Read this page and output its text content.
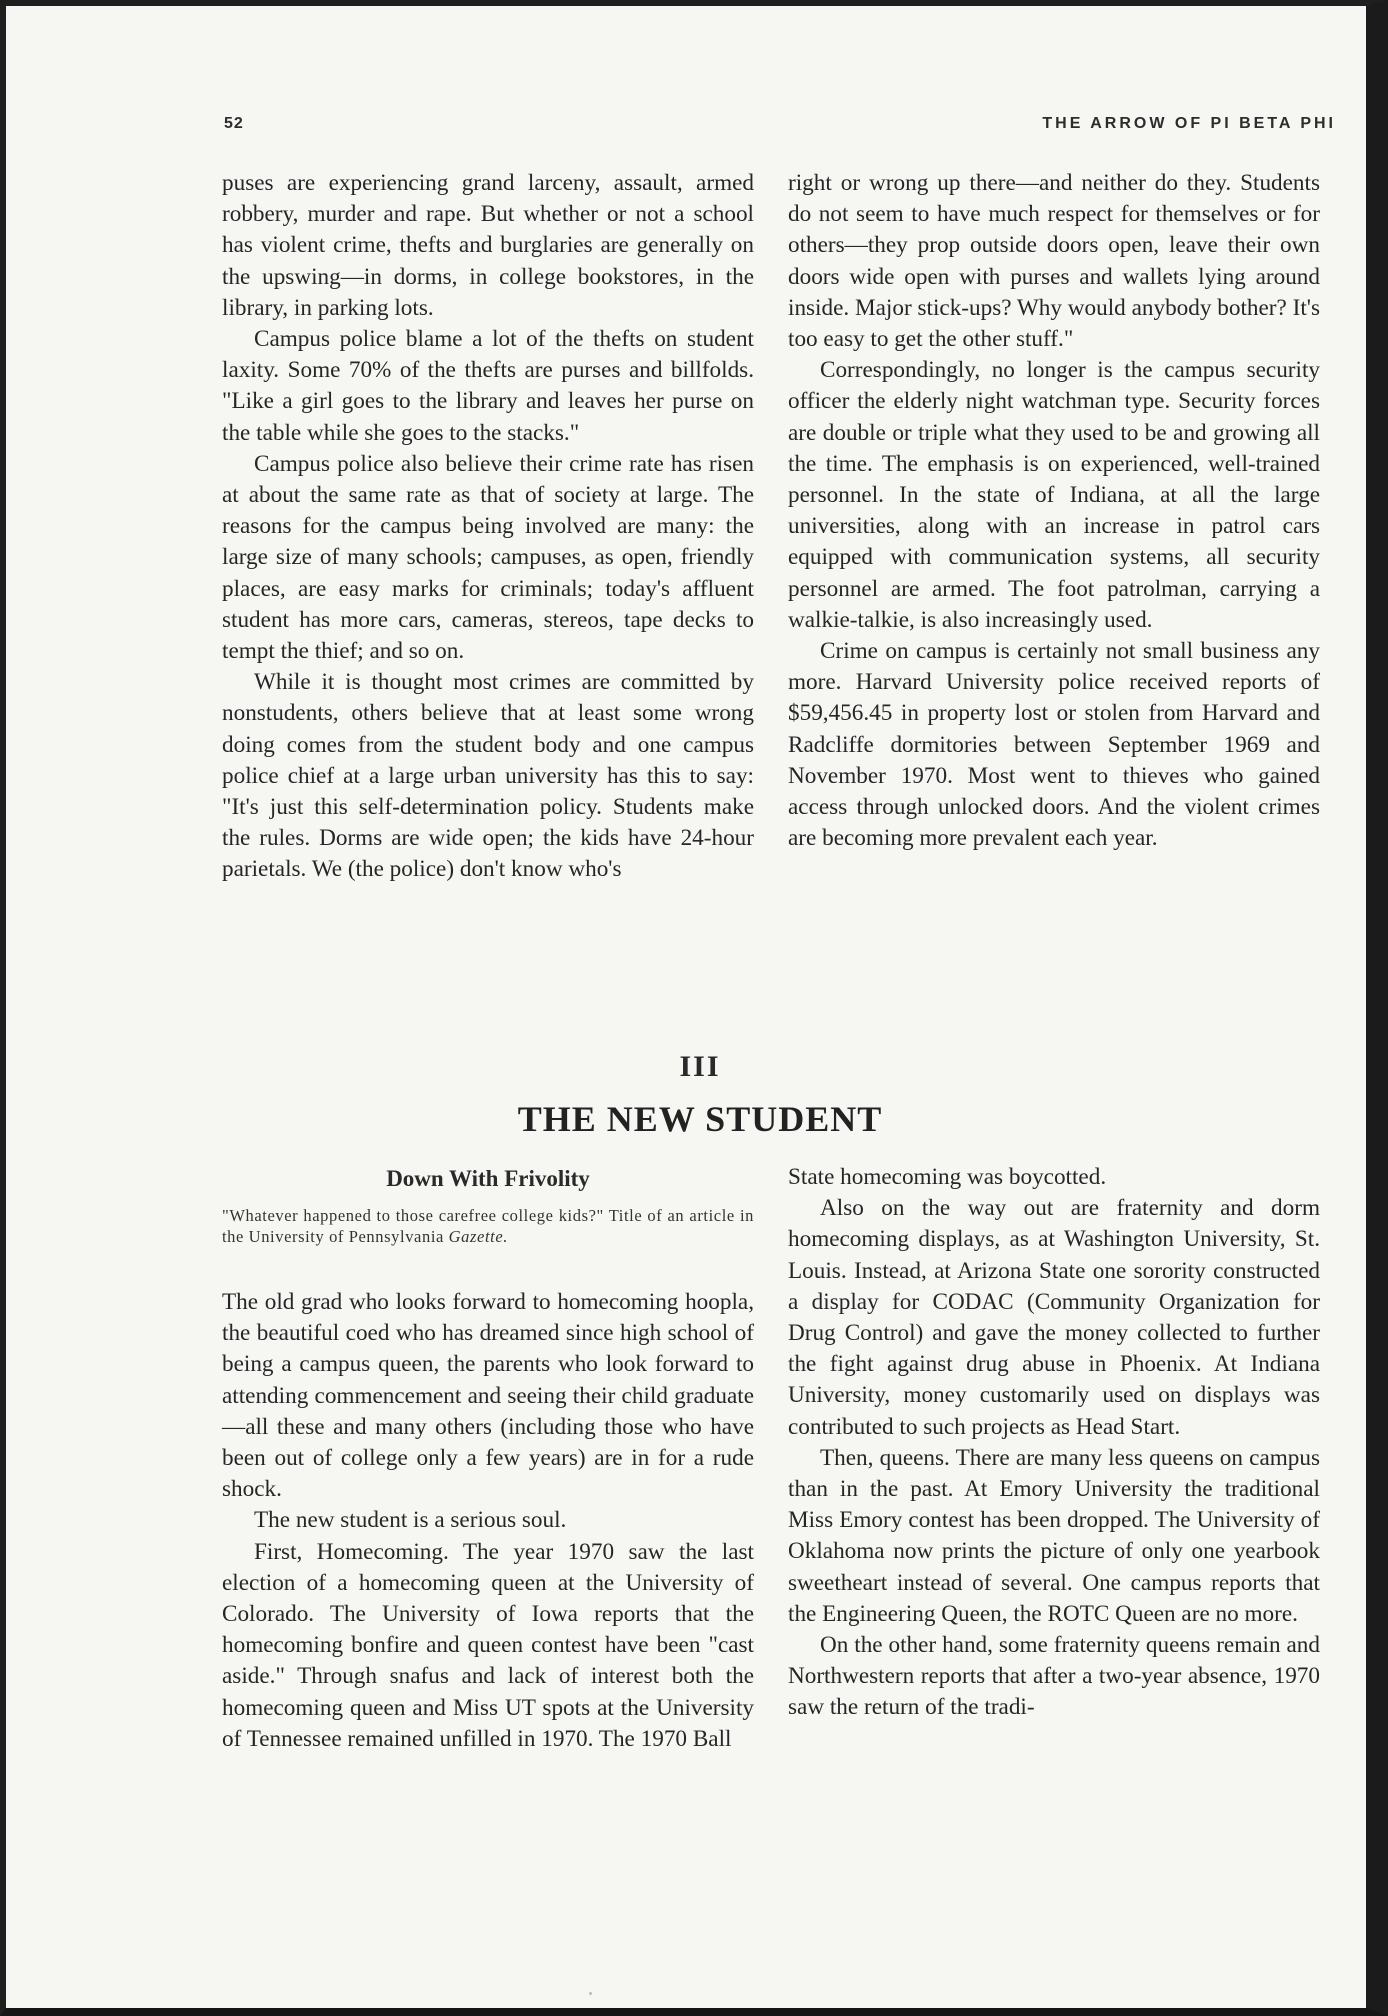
52	THE ARROW OF PI BETA PHI

puses are experiencing grand larceny, assault, armed robbery, murder and rape. But whether or not a school has violent crime, thefts and burglaries are generally on the upswing—in dorms, in college bookstores, in the library, in parking lots.

Campus police blame a lot of the thefts on student laxity. Some 70% of the thefts are purses and billfolds. "Like a girl goes to the library and leaves her purse on the table while she goes to the stacks."

Campus police also believe their crime rate has risen at about the same rate as that of society at large. The reasons for the campus being involved are many: the large size of many schools; campuses, as open, friendly places, are easy marks for criminals; today's affluent student has more cars, cameras, stereos, tape decks to tempt the thief; and so on.

While it is thought most crimes are committed by nonstudents, others believe that at least some wrong doing comes from the student body and one campus police chief at a large urban university has this to say: "It's just this self-determination policy. Students make the rules. Dorms are wide open; the kids have 24-hour parietals. We (the police) don't know who's

right or wrong up there—and neither do they. Students do not seem to have much respect for themselves or for others—they prop outside doors open, leave their own doors wide open with purses and wallets lying around inside. Major stick-ups? Why would anybody bother? It's too easy to get the other stuff."

Correspondingly, no longer is the campus security officer the elderly night watchman type. Security forces are double or triple what they used to be and growing all the time. The emphasis is on experienced, well-trained personnel. In the state of Indiana, at all the large universities, along with an increase in patrol cars equipped with communication systems, all security personnel are armed. The foot patrolman, carrying a walkie-talkie, is also increasingly used.

Crime on campus is certainly not small business any more. Harvard University police received reports of $59,456.45 in property lost or stolen from Harvard and Radcliffe dormitories between September 1969 and November 1970. Most went to thieves who gained access through unlocked doors. And the violent crimes are becoming more prevalent each year.

III
THE NEW STUDENT
Down With Frivolity
"Whatever happened to those carefree college kids?" Title of an article in the University of Pennsylvania Gazette.

The old grad who looks forward to homecoming hoopla, the beautiful coed who has dreamed since high school of being a campus queen, the parents who look forward to attending commencement and seeing their child graduate—all these and many others (including those who have been out of college only a few years) are in for a rude shock.

The new student is a serious soul.

First, Homecoming. The year 1970 saw the last election of a homecoming queen at the University of Colorado. The University of Iowa reports that the homecoming bonfire and queen contest have been "cast aside." Through snafus and lack of interest both the homecoming queen and Miss UT spots at the University of Tennessee remained unfilled in 1970. The 1970 Ball

State homecoming was boycotted.

Also on the way out are fraternity and dorm homecoming displays, as at Washington University, St. Louis. Instead, at Arizona State one sorority constructed a display for CODAC (Community Organization for Drug Control) and gave the money collected to further the fight against drug abuse in Phoenix. At Indiana University, money customarily used on displays was contributed to such projects as Head Start.

Then, queens. There are many less queens on campus than in the past. At Emory University the traditional Miss Emory contest has been dropped. The University of Oklahoma now prints the picture of only one yearbook sweetheart instead of several. One campus reports that the Engineering Queen, the ROTC Queen are no more.

On the other hand, some fraternity queens remain and Northwestern reports that after a two-year absence, 1970 saw the return of the tradi-
